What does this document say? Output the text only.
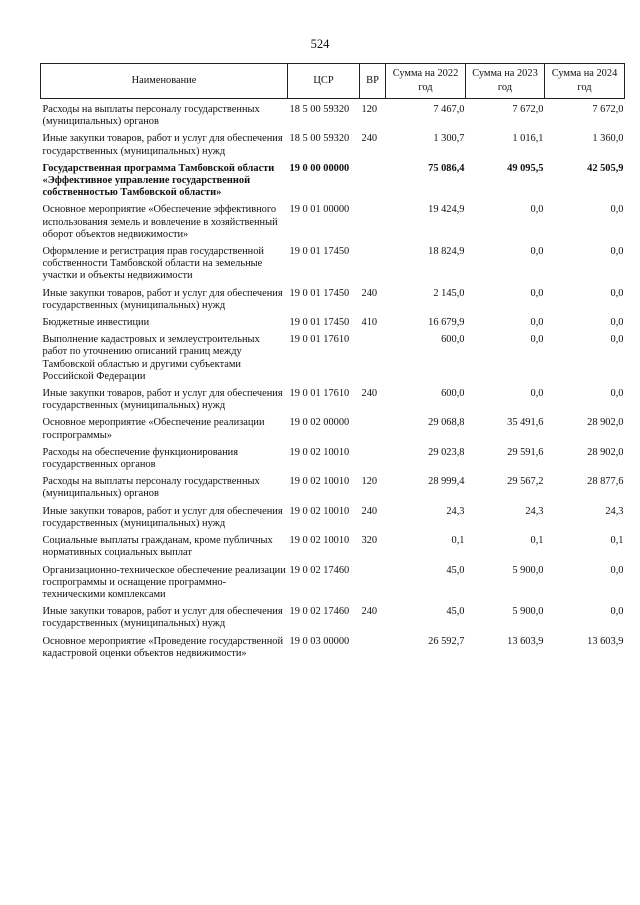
524
Наименование	ЦСР	ВР	Сумма на 2022 год	Сумма на 2023 год	Сумма на 2024 год

Расходы на выплаты персоналу государственных (муниципальных) органов	18 5 00 59320	120	7 467,0	7 672,0	7 672,0

Иные закупки товаров, работ и услуг для обеспечения государственных (муниципальных) нужд	18 5 00 59320	240	1 300,7	1 016,1	1 360,0

Государственная программа Тамбовской области «Эффективное управление государственной собственностью Тамбовской области»	19 0 00 00000		75 086,4	49 095,5	42 505,9

Основное мероприятие «Обеспечение эффективного использования земель и вовлечение в хозяйственный оборот объектов недвижимости»	19 0 01 00000		19 424,9	0,0	0,0

Оформление и регистрация прав государственной собственности Тамбовской области на земельные участки и объекты недвижимости	19 0 01 17450		18 824,9	0,0	0,0

Иные закупки товаров, работ и услуг для обеспечения государственных (муниципальных) нужд	19 0 01 17450	240	2 145,0	0,0	0,0

Бюджетные инвестиции	19 0 01 17450	410	16 679,9	0,0	0,0

Выполнение кадастровых и землеустроительных работ по уточнению описаний границ между Тамбовской областью и другими субъектами Российской Федерации	19 0 01 17610		600,0	0,0	0,0

Иные закупки товаров, работ и услуг для обеспечения государственных (муниципальных) нужд	19 0 01 17610	240	600,0	0,0	0,0

Основное мероприятие «Обеспечение реализации госпрограммы»	19 0 02 00000		29 068,8	35 491,6	28 902,0

Расходы на обеспечение функционирования государственных органов	19 0 02 10010		29 023,8	29 591,6	28 902,0

Расходы на выплаты персоналу государственных (муниципальных) органов	19 0 02 10010	120	28 999,4	29 567,2	28 877,6

Иные закупки товаров, работ и услуг для обеспечения государственных (муниципальных) нужд	19 0 02 10010	240	24,3	24,3	24,3

Социальные выплаты гражданам, кроме публичных нормативных социальных выплат	19 0 02 10010	320	0,1	0,1	0,1

Организационно-техническое обеспечение реализации госпрограммы и оснащение программно-техническими комплексами	19 0 02 17460		45,0	5 900,0	0,0

Иные закупки товаров, работ и услуг для обеспечения государственных (муниципальных) нужд	19 0 02 17460	240	45,0	5 900,0	0,0

Основное мероприятие «Проведение государственной кадастровой оценки объектов недвижимости»	19 0 03 00000		26 592,7	13 603,9	13 603,9
